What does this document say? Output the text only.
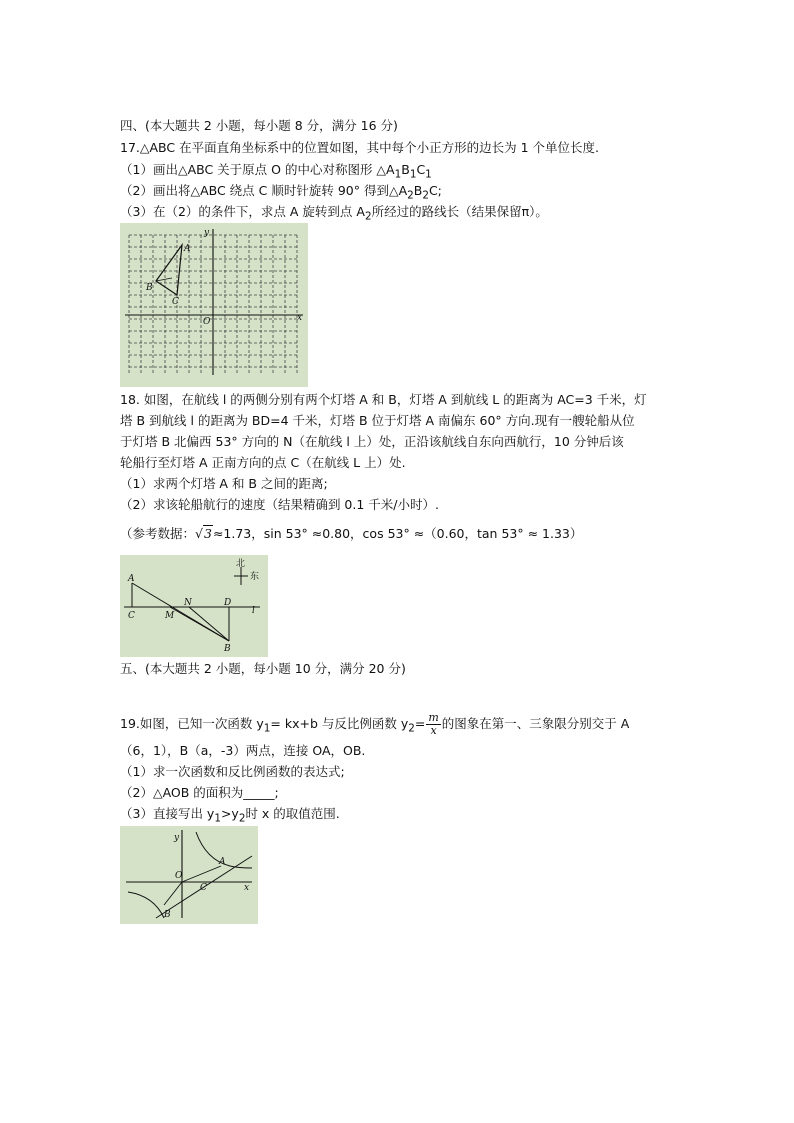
四、(本大题共 2 小题，每小题 8 分，满分 16 分)
17.△ABC 在平面直角坐标系中的位置如图，其中每个小正方形的边长为 1 个单位长度.
（1）画出△ABC 关于原点 O 的中心对称图形 $\triangle A_1B_1C_1$
（2）画出将△ABC 绕点 C 顺时针旋转 90° 得到$\triangle A_2B_2C$;
（3）在（2）的条件下，求点 A 旋转到点 $A_2$所经过的路线长（结果保留π）。
y
x
O
A
B
C
18. 如图，在航线 l 的两侧分别有两个灯塔 A 和 B，灯塔 A 到航线 L 的距离为 AC=3 千米，灯
塔 B 到航线 l 的距离为 BD=4 千米，灯塔 B 位于灯塔 A 南偏东 60° 方向.现有一艘轮船从位
于灯塔 B 北偏西 53° 方向的 N（在航线 l 上）处，正沿该航线自东向西航行，10 分钟后该
轮船行至灯塔 A 正南方向的点 C（在航线 L 上）处.
（1）求两个灯塔 A 和 B 之间的距离;
（2）求该轮船航行的速度（结果精确到 0.1 千米/小时）.
（参考数据：√3≈1.73，sin 53° ≈0.80，cos 53° ≈（0.60，tan 53° ≈ 1.33）
北
东
A
C	M
N	D
l
B
五、(本大题共 2 小题，每小题 10 分，满分 20 分)
19.如图，已知一次函数 $y_1= kx+b$ 与反比例函数 $y_2= \frac{m}{x}$ 的图象在第一、三象限分别交于 A
（6，1），B（a，-3）两点，连接 OA，OB.
（1）求一次函数和反比例函数的表达式;
（2）△AOB 的面积为_____;
（3）直接写出 $y_1>y_2$时 x 的取值范围.
y
O
A
C	x
B
